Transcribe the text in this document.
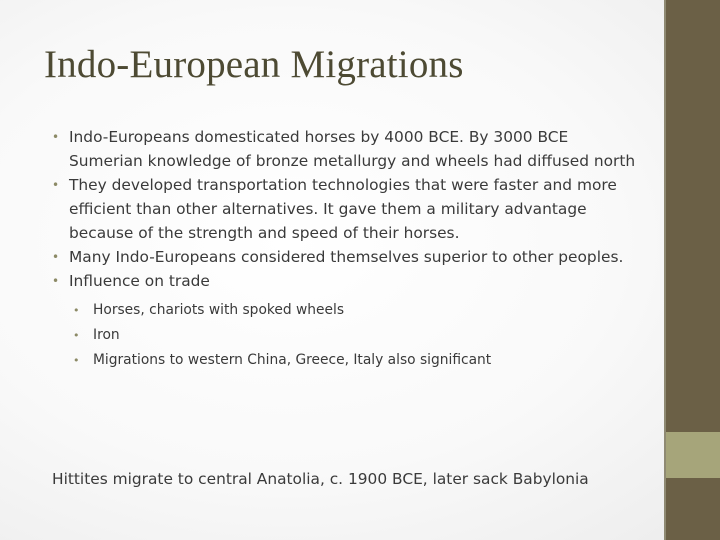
Indo-European Migrations
• Indo-Europeans domesticated horses by 4000 BCE. By 3000 BCE Sumerian knowledge of bronze metallurgy and wheels had diffused north
• They developed transportation technologies that were faster and more efficient than other alternatives. It gave them a military advantage because of the strength and speed of their horses.
• Many Indo-Europeans considered themselves superior to other peoples.
• Influence on trade
• Horses, chariots with spoked wheels
• Iron
• Migrations to western China, Greece, Italy also significant

Hittites migrate to central Anatolia, c. 1900 BCE, later sack Babylonia
